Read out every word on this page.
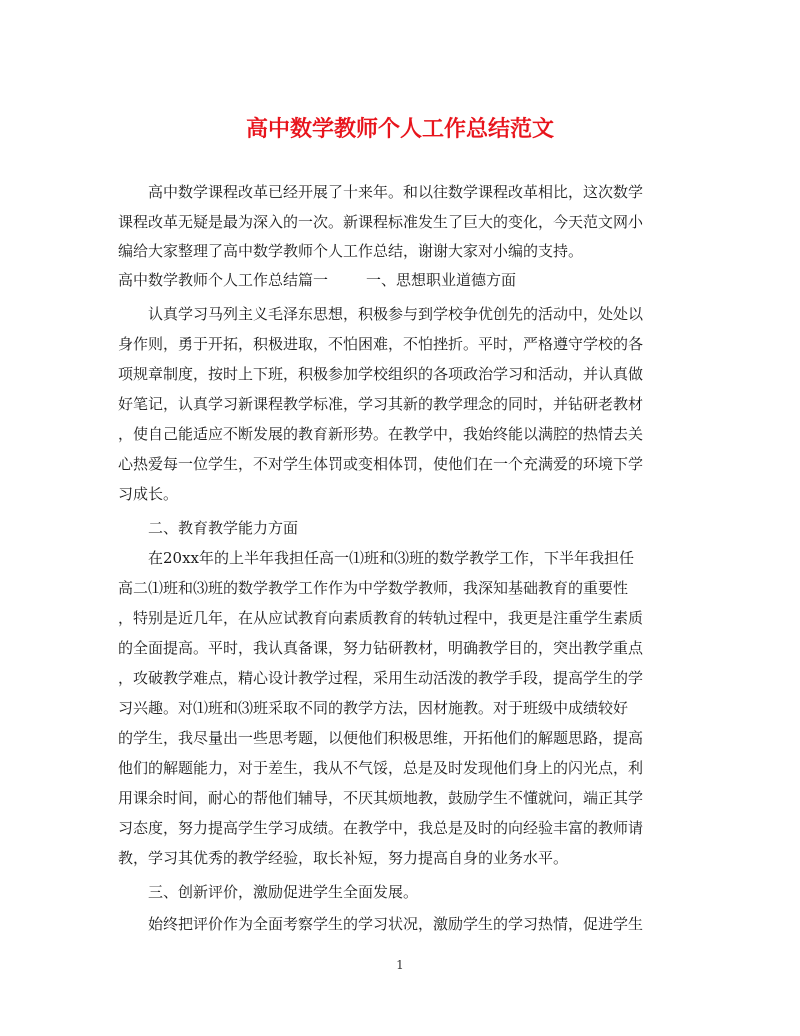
高中数学教师个人工作总结范文

高中数学课程改革已经开展了十来年。和以往数学课程改革相比，这次数学

课程改革无疑是最为深入的一次。新课程标准发生了巨大的变化，今天范文网小

编给大家整理了高中数学教师个人工作总结，谢谢大家对小编的支持。

高中数学教师个人工作总结篇一	一、思想职业道德方面

认真学习马列主义毛泽东思想，积极参与到学校争优创先的活动中，处处以

身作则，勇于开拓，积极进取，不怕困难，不怕挫折。平时，严格遵守学校的各

项规章制度，按时上下班，积极参加学校组织的各项政治学习和活动，并认真做

好笔记，认真学习新课程教学标准，学习其新的教学理念的同时，并钻研老教材

，使自己能适应不断发展的教育新形势。在教学中，我始终能以满腔的热情去关

心热爱每一位学生，不对学生体罚或变相体罚，使他们在一个充满爱的环境下学

习成长。

二、教育教学能力方面

在20xx年的上半年我担任高一⑴班和⑶班的数学教学工作，下半年我担任

高二⑴班和⑶班的数学教学工作作为中学数学教师，我深知基础教育的重要性

，特别是近几年，在从应试教育向素质教育的转轨过程中，我更是注重学生素质

的全面提高。平时，我认真备课，努力钻研教材，明确教学目的，突出教学重点

，攻破教学难点，精心设计教学过程，采用生动活泼的教学手段，提高学生的学

习兴趣。对⑴班和⑶班采取不同的教学方法，因材施教。对于班级中成绩较好

的学生，我尽量出一些思考题，以便他们积极思维，开拓他们的解题思路，提高

他们的解题能力，对于差生，我从不气馁，总是及时发现他们身上的闪光点，利

用课余时间，耐心的帮他们辅导，不厌其烦地教，鼓励学生不懂就问，端正其学

习态度，努力提高学生学习成绩。在教学中，我总是及时的向经验丰富的教师请

教，学习其优秀的教学经验，取长补短，努力提高自身的业务水平。

三、创新评价，激励促进学生全面发展。

始终把评价作为全面考察学生的学习状况，激励学生的学习热情，促进学生

1
